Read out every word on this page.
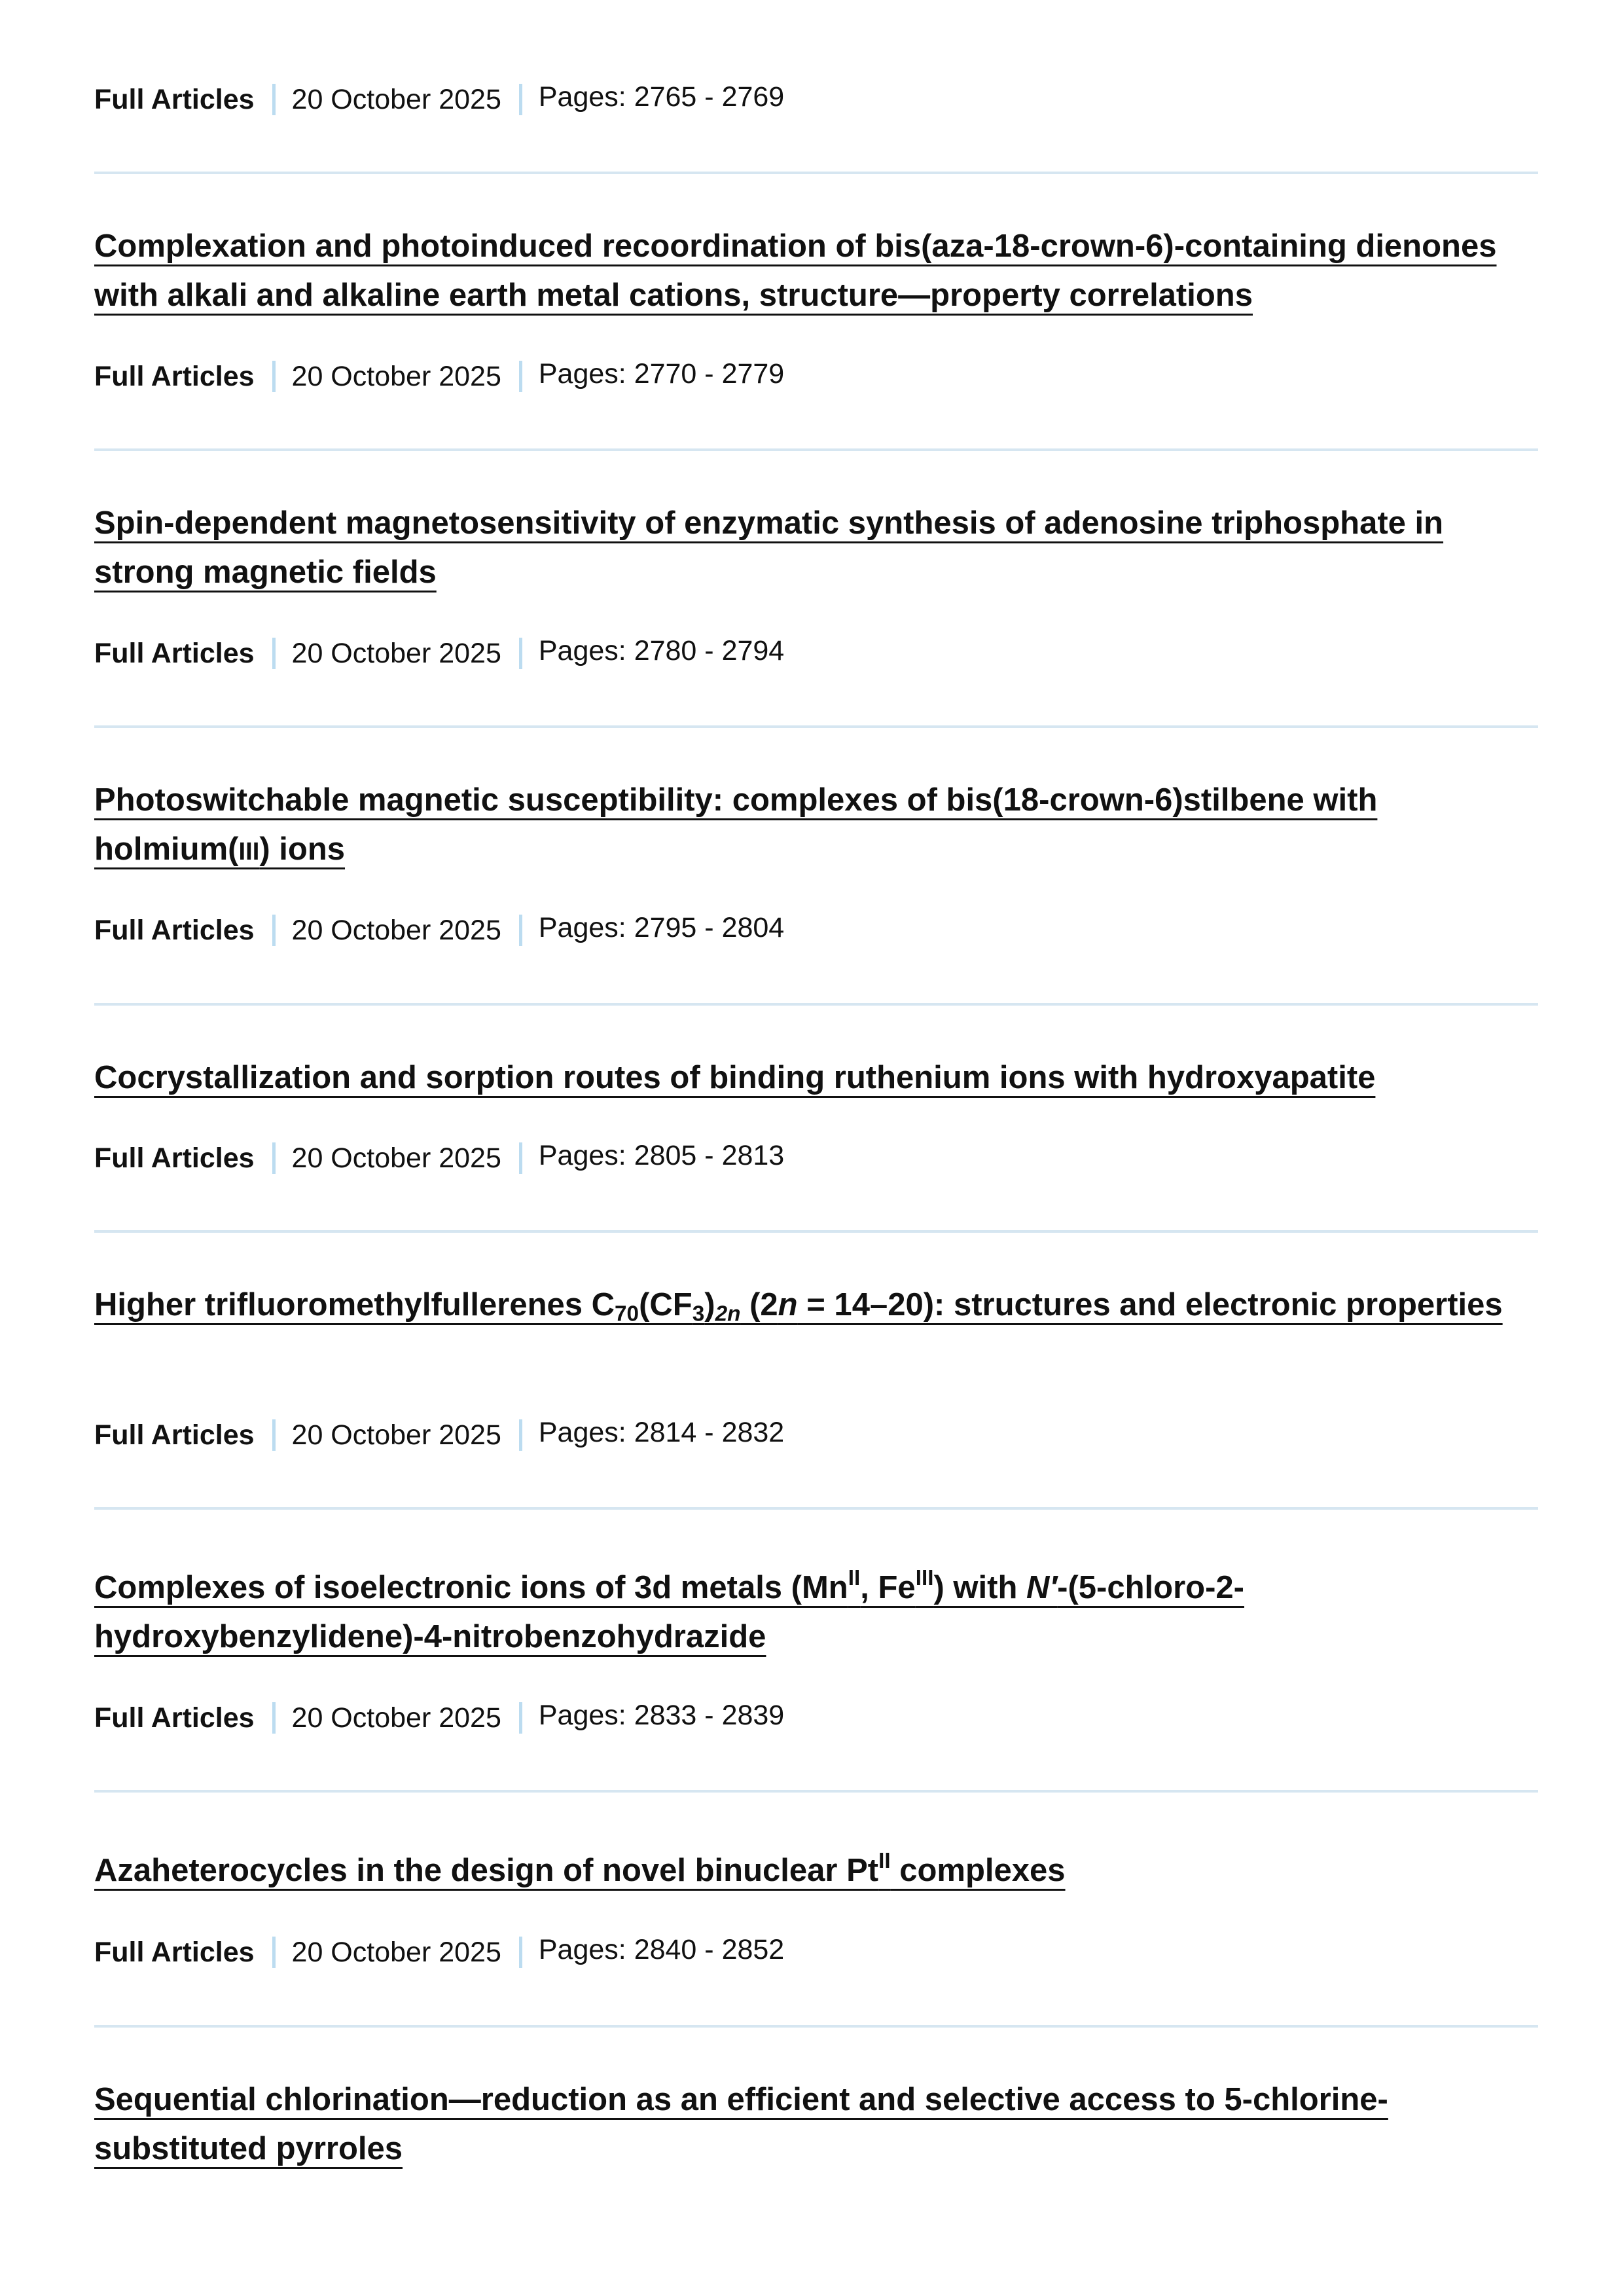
Full Articles 20 October 2025 Pages: 2765 - 2769
Complexation and photoinduced recoordination of bis(aza-18-crown-6)-containing dienones with alkali and alkaline earth metal cations, structure—property correlations
Full Articles 20 October 2025 Pages: 2770 - 2779
Spin-dependent magnetosensitivity of enzymatic synthesis of adenosine triphosphate in strong magnetic fields
Full Articles 20 October 2025 Pages: 2780 - 2794
Photoswitchable magnetic susceptibility: complexes of bis(18-crown-6)stilbene with holmium(III) ions
Full Articles 20 October 2025 Pages: 2795 - 2804
Cocrystallization and sorption routes of binding ruthenium ions with hydroxyapatite
Full Articles 20 October 2025 Pages: 2805 - 2813
Higher trifluoromethylfullerenes $C_{70}(CF_3)_{2n}$ (2n = 14–20): structures and electronic properties
Full Articles 20 October 2025 Pages: 2814 - 2832
Complexes of isoelectronic ions of 3d metals ($Mn^{II}$, $Fe^{III}$) with N′-(5-chloro-2-hydroxybenzylidene)-4-nitrobenzohydrazide
Full Articles 20 October 2025 Pages: 2833 - 2839
Azaheterocycles in the design of novel binuclear $Pt^{II}$ complexes
Full Articles 20 October 2025 Pages: 2840 - 2852
Sequential chlorination—reduction as an efficient and selective access to 5-chlorine-substituted pyrroles
